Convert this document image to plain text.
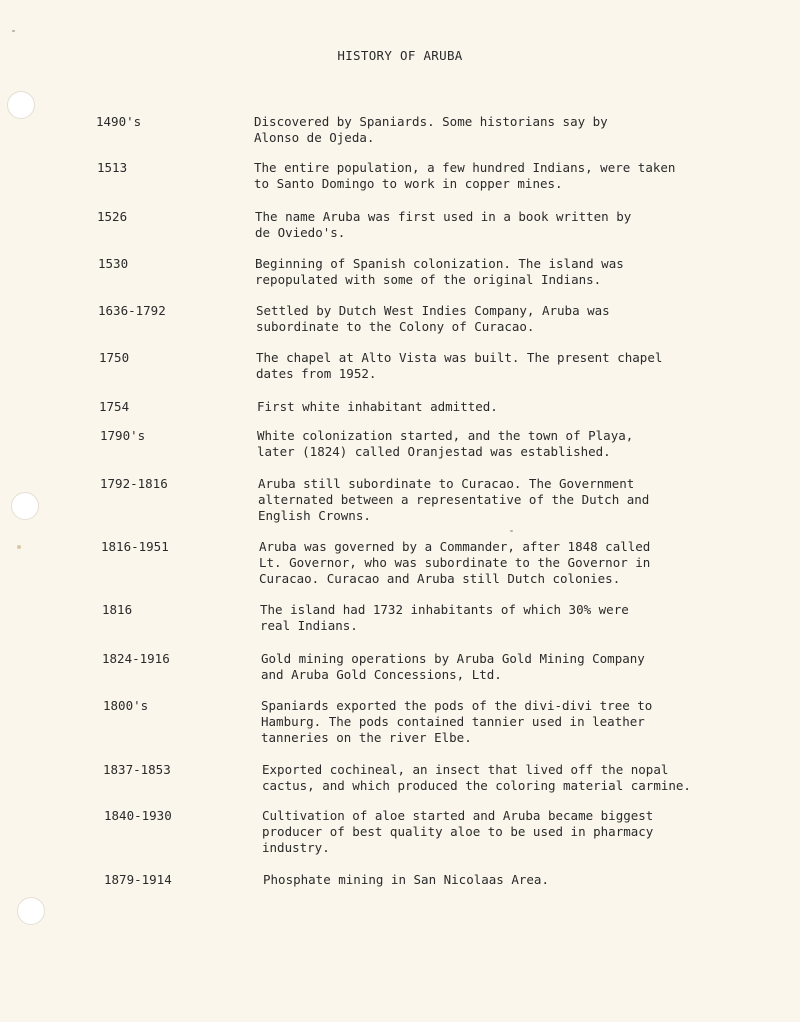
HISTORY OF ARUBA
1490's	Discovered by Spaniards. Some historians say by
Alonso de Ojeda.
1513	The entire population, a few hundred Indians, were taken
to Santo Domingo to work in copper mines.
1526	The name Aruba was first used in a book written by
de Oviedo's.
1530	Beginning of Spanish colonization. The island was
repopulated with some of the original Indians.
1636-1792	Settled by Dutch West Indies Company, Aruba was
subordinate to the Colony of Curacao.
1750	The chapel at Alto Vista was built. The present chapel
dates from 1952.
1754	First white inhabitant admitted.
1790's	White colonization started, and the town of Playa,
later (1824) called Oranjestad was established.
1792-1816	Aruba still subordinate to Curacao. The Government
alternated between a representative of the Dutch and
English Crowns.
1816-1951	Aruba was governed by a Commander, after 1848 called
Lt. Governor, who was subordinate to the Governor in
Curacao. Curacao and Aruba still Dutch colonies.
1816	The island had 1732 inhabitants of which 30% were
real Indians.
1824-1916	Gold mining operations by Aruba Gold Mining Company
and Aruba Gold Concessions, Ltd.
1800's	Spaniards exported the pods of the divi-divi tree to
Hamburg. The pods contained tannier used in leather
tanneries on the river Elbe.
1837-1853	Exported cochineal, an insect that lived off the nopal
cactus, and which produced the coloring material carmine.
1840-1930	Cultivation of aloe started and Aruba became biggest
producer of best quality aloe to be used in pharmacy
industry.
1879-1914	Phosphate mining in San Nicolaas Area.
